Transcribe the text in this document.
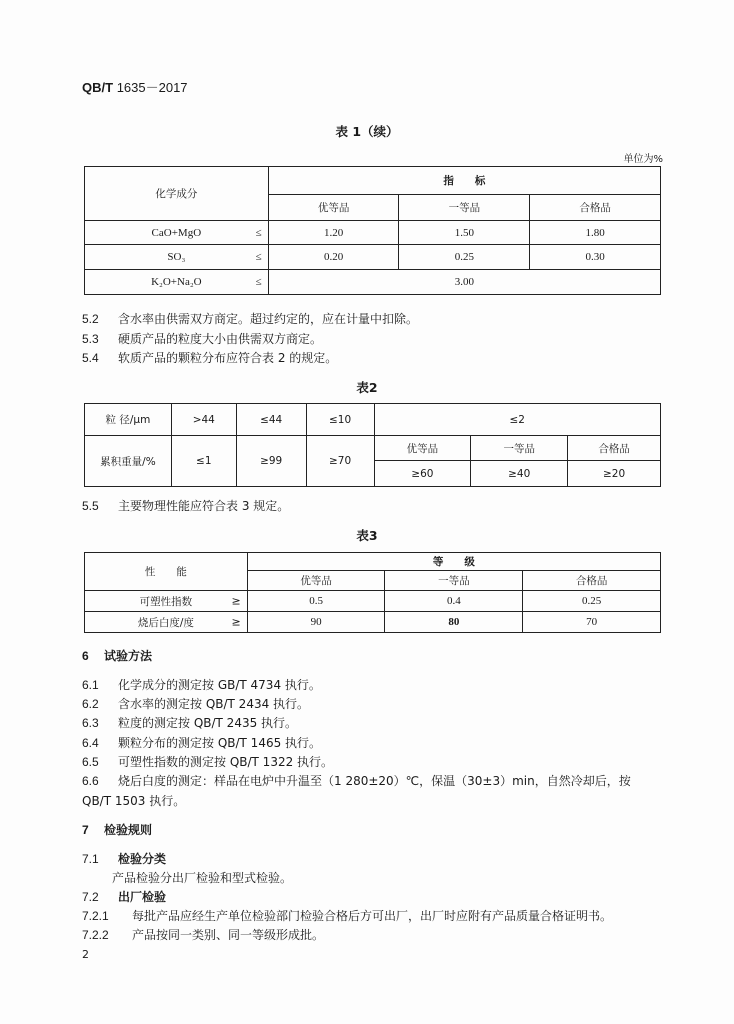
QB/T 1635－2017
表 1（续）
单位为%
化学成分	指　　标		
	优等品	一等品	合格品
CaO+MgO ≤	1.20	1.50	1.80
SO₃ ≤	0.20	0.25	0.30
K₂O+Na₂O ≤	3.00		
5.2 含水率由供需双方商定。超过约定的，应在计量中扣除。
5.3 硬质产品的粒度大小由供需双方商定。
5.4 软质产品的颗粒分布应符合表 2 的规定。
表2
粒 径/μm	>44	≤44	≤10	≤2		
累积重量/%	≤1	≥99	≥70	优等品	一等品	合格品
				≥60	≥40	≥20
5.5 主要物理性能应符合表 3 规定。
表3
性　　能	等　　级		
	优等品	一等品	合格品
可塑性指数 ≥	0.5	0.4	0.25
烧后白度/度 ≥	90	80	70
6 试验方法
6.1 化学成分的测定按 GB/T 4734 执行。
6.2 含水率的测定按 QB/T 2434 执行。
6.3 粒度的测定按 QB/T 2435 执行。
6.4 颗粒分布的测定按 QB/T 1465 执行。
6.5 可塑性指数的测定按 QB/T 1322 执行。
6.6 烧后白度的测定：样品在电炉中升温至（1 280±20）℃，保温（30±3）min，自然冷却后，按
QB/T 1503 执行。
7 检验规则
7.1 检验分类
产品检验分出厂检验和型式检验。
7.2 出厂检验
7.2.1 每批产品应经生产单位检验部门检验合格后方可出厂，出厂时应附有产品质量合格证明书。
7.2.2 产品按同一类别、同一等级形成批。
2
